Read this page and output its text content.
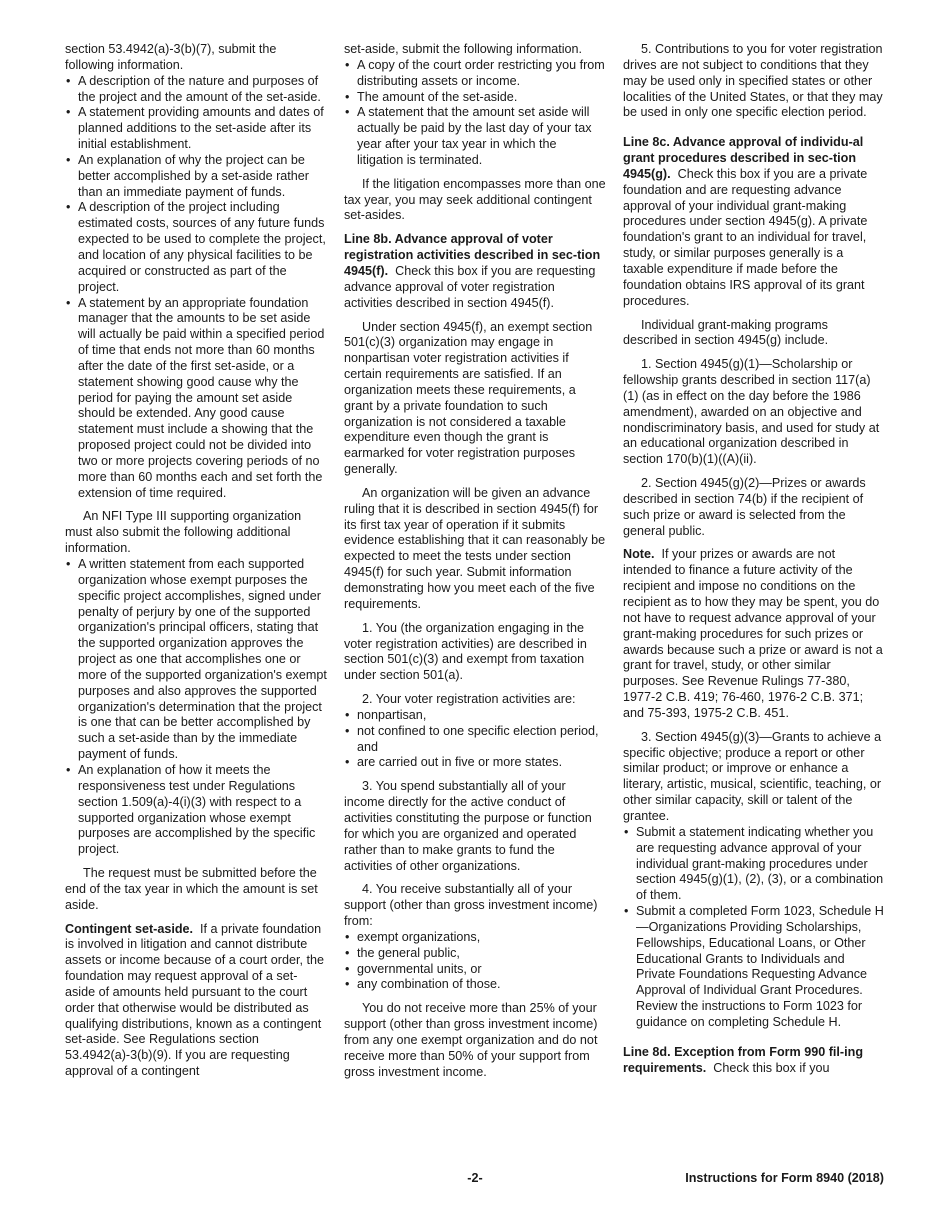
section 53.4942(a)-3(b)(7), submit the following information.

• A description of the nature and purposes of the project and the amount of the set-aside.

• A statement providing amounts and dates of planned additions to the set-aside after its initial establishment.

• An explanation of why the project can be better accomplished by a set-aside rather than an immediate payment of funds.

• A description of the project including estimated costs, sources of any future funds expected to be used to complete the project, and location of any physical facilities to be acquired or constructed as part of the project.

• A statement by an appropriate foundation manager that the amounts to be set aside will actually be paid within a specified period of time that ends not more than 60 months after the date of the first set-aside, or a statement showing good cause why the period for paying the amount set aside should be extended. Any good cause statement must include a showing that the proposed project could not be divided into two or more projects covering periods of no more than 60 months each and set forth the extension of time required.

An NFI Type III supporting organization must also submit the following additional information.

• A written statement from each supported organization whose exempt purposes the specific project accomplishes, signed under penalty of perjury by one of the supported organization's principal officers, stating that the supported organization approves the project as one that accomplishes one or more of the supported organization's exempt purposes and also approves the supported organization's determination that the project is one that can be better accomplished by such a set-aside than by the immediate payment of funds.

• An explanation of how it meets the responsiveness test under Regulations section 1.509(a)-4(i)(3) with respect to a supported organization whose exempt purposes are accomplished by the specific project.

The request must be submitted before the end of the tax year in which the amount is set aside.

Contingent set-aside. If a private foundation is involved in litigation and cannot distribute assets or income because of a court order, the foundation may request approval of a set-aside of amounts held pursuant to the court order that otherwise would be distributed as qualifying distributions, known as a contingent set-aside. See Regulations section 53.4942(a)-3(b)(9). If you are requesting approval of a contingent

set-aside, submit the following information.

• A copy of the court order restricting you from distributing assets or income.

• The amount of the set-aside.

• A statement that the amount set aside will actually be paid by the last day of your tax year after your tax year in which the litigation is terminated.

If the litigation encompasses more than one tax year, you may seek additional contingent set-asides.

Line 8b. Advance approval of voter registration activities described in sec-tion 4945(f). Check this box if you are requesting advance approval of voter registration activities described in section 4945(f).

Under section 4945(f), an exempt section 501(c)(3) organization may engage in nonpartisan voter registration activities if certain requirements are satisfied. If an organization meets these requirements, a grant by a private foundation to such organization is not considered a taxable expenditure even though the grant is earmarked for voter registration purposes generally.

An organization will be given an advance ruling that it is described in section 4945(f) for its first tax year of operation if it submits evidence establishing that it can reasonably be expected to meet the tests under section 4945(f) for such year. Submit information demonstrating how you meet each of the five requirements.

1. You (the organization engaging in the voter registration activities) are described in section 501(c)(3) and exempt from taxation under section 501(a).

2. Your voter registration activities are:

• nonpartisan,

• not confined to one specific election period, and

• are carried out in five or more states.

3. You spend substantially all of your income directly for the active conduct of activities constituting the purpose or function for which you are organized and operated rather than to make grants to fund the activities of other organizations.

4. You receive substantially all of your support (other than gross investment income) from:

• exempt organizations,

• the general public,

• governmental units, or

• any combination of those.

You do not receive more than 25% of your support (other than gross investment income) from any one exempt organization and do not receive more than 50% of your support from gross investment income.

5. Contributions to you for voter registration drives are not subject to conditions that they may be used only in specified states or other localities of the United States, or that they may be used in only one specific election period.

Line 8c. Advance approval of individu-al grant procedures described in sec-tion 4945(g). Check this box if you are a private foundation and are requesting advance approval of your individual grant-making procedures under section 4945(g). A private foundation's grant to an individual for travel, study, or similar purposes generally is a taxable expenditure if made before the foundation obtains IRS approval of its grant procedures.

Individual grant-making programs described in section 4945(g) include.

1. Section 4945(g)(1)—Scholarship or fellowship grants described in section 117(a)(1) (as in effect on the day before the 1986 amendment), awarded on an objective and nondiscriminatory basis, and used for study at an educational organization described in section 170(b)(1)((A)(ii).

2. Section 4945(g)(2)—Prizes or awards described in section 74(b) if the recipient of such prize or award is selected from the general public.

Note. If your prizes or awards are not intended to finance a future activity of the recipient and impose no conditions on the recipient as to how they may be spent, you do not have to request advance approval of your grant-making procedures for such prizes or awards because such a prize or award is not a grant for travel, study, or other similar purposes. See Revenue Rulings 77-380, 1977-2 C.B. 419; 76-460, 1976-2 C.B. 371; and 75-393, 1975-2 C.B. 451.

3. Section 4945(g)(3)—Grants to achieve a specific objective; produce a report or other similar product; or improve or enhance a literary, artistic, musical, scientific, teaching, or other similar capacity, skill or talent of the grantee.

• Submit a statement indicating whether you are requesting advance approval of your individual grant-making procedures under section 4945(g)(1), (2), (3), or a combination of them.

• Submit a completed Form 1023, Schedule H—Organizations Providing Scholarships, Fellowships, Educational Loans, or Other Educational Grants to Individuals and Private Foundations Requesting Advance Approval of Individual Grant Procedures. Review the instructions to Form 1023 for guidance on completing Schedule H.

Line 8d. Exception from Form 990 fil-ing requirements. Check this box if you

-2-	Instructions for Form 8940 (2018)
